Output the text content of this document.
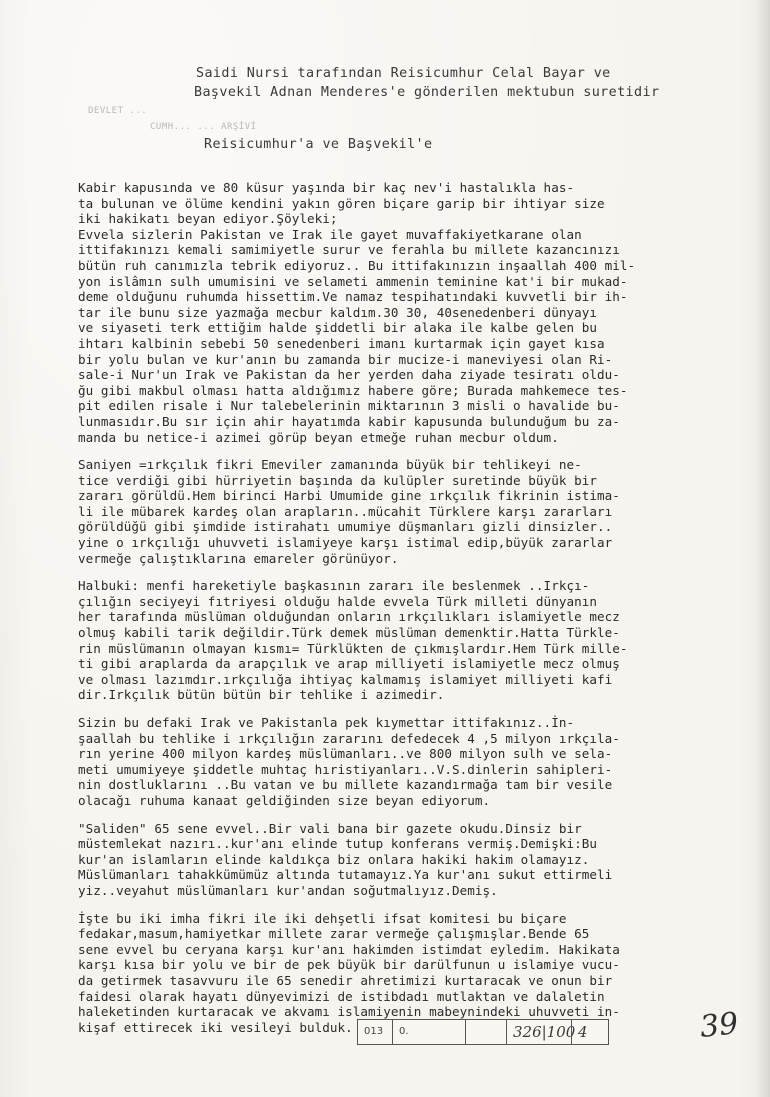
Saidi Nursi tarafından Reisicumhur Celal Bayar ve
Başvekil Adnan Menderes'e gönderilen mektubun suretidir
DEVLET ...
CUMH... ... ARŞİVİ
Reisicumhur'a ve Başvekil'e
Kabir kapusında ve 80 küsur yaşında bir kaç nev'i hastalıkla has-
ta bulunan ve ölüme kendini yakın gören biçare garip bir ihtiyar size
iki hakikatı beyan ediyor.Şöyleki;
Evvela sizlerin Pakistan ve Irak ile gayet muvaffakiyetkarane olan
ittifakınızı kemali samimiyetle surur ve ferahla bu millete kazancınızı
bütün ruh canımızla tebrik ediyoruz.. Bu ittifakınızın inşaallah 400 mil-
yon islâmın sulh umumisini ve selameti ammenin teminine kat'i bir mukad-
deme olduğunu ruhumda hissettim.Ve namaz tespihatındaki kuvvetli bir ih-
tar ile bunu size yazmağa mecbur kaldım.30 30, 40senedenberi dünyayı
ve siyaseti terk ettiğim halde şiddetli bir alaka ile kalbe gelen bu
ihtarı kalbinin sebebi 50 senedenberi imanı kurtarmak için gayet kısa
bir yolu bulan ve kur'anın bu zamanda bir mucize-i maneviyesi olan Ri-
sale-i Nur'un Irak ve Pakistan da her yerden daha ziyade tesiratı oldu-
ğu gibi makbul olması hatta aldığımız habere göre; Burada mahkemece tes-
pit edilen risale i Nur talebelerinin miktarının 3 misli o havalide bu-
lunmasıdır.Bu sır için ahir hayatımda kabir kapusunda bulunduğum bu za-
manda bu netice-i azimei görüp beyan etmeğe ruhan mecbur oldum.
Saniyen =ırkçılık fikri Emeviler zamanında büyük bir tehlikeyi ne-
tice verdiği gibi hürriyetin başında da kulüpler suretinde büyük bir
zararı görüldü.Hem birinci Harbi Umumide gine ırkçılık fikrinin istima-
li ile mübarek kardeş olan arapların..mücahit Türklere karşı zararları
görüldüğü gibi şimdide istirahatı umumiye düşmanları gizli dinsizler..
yine o ırkçılığı uhuvveti islamiyeye karşı istimal edip,büyük zararlar
vermeğe çalıştıklarına emareler görünüyor.
Halbuki: menfi hareketiyle başkasının zararı ile beslenmek ..Irkçı-
çılığın seciyeyi fıtriyesi olduğu halde evvela Türk milleti dünyanın
her tarafında müslüman olduğundan onların ırkçılıkları islamiyetle mecz
olmuş kabili tarik değildir.Türk demek müslüman demenktir.Hatta Türkle-
rin müslümanın olmayan kısmı= Türklükten de çıkmışlardır.Hem Türk mille-
ti gibi araplarda da arapçılık ve arap milliyeti islamiyetle mecz olmuş
ve olması lazımdır.ırkçılığa ihtiyaç kalmamış islamiyet milliyeti kafi
dir.Irkçılık bütün bütün bir tehlike i azimedir.
Sizin bu defaki Irak ve Pakistanla pek kıymettar ittifakınız..İn-
şaallah bu tehlike i ırkçılığın zararını defedecek 4 ,5 milyon ırkçıla-
rın yerine 400 milyon kardeş müslümanları..ve 800 milyon sulh ve sela-
meti umumiyeye şiddetle muhtaç hıristiyanları..V.S.dinlerin sahipleri-
nin dostluklarını ..Bu vatan ve bu millete kazandırmağa tam bir vesile
olacağı ruhuma kanaat geldiğinden size beyan ediyorum.
"Saliden" 65 sene evvel..Bir vali bana bir gazete okudu.Dinsiz bir
müstemlekat nazırı..kur'anı elinde tutup konferans vermiş.Demişki:Bu
kur'an islamların elinde kaldıkça biz onlara hakiki hakim olamayız.
Müslümanları tahakkümümüz altında tutamayız.Ya kur'anı sukut ettirmeli
yiz..veyahut müslümanları kur'andan soğutmalıyız.Demiş.
İşte bu iki imha fikri ile iki dehşetli ifsat komitesi bu biçare
fedakar,masum,hamiyetkar millete zarar vermeğe çalışmışlar.Bende 65
sene evvel bu ceryana karşı kur'anı hakimden istimdat eyledim. Hakikata
karşı kısa bir yolu ve bir de pek büyük bir darülfunun u islamiye vucu-
da getirmek tasavvuru ile 65 senedir ahretimizi kurtaracak ve onun bir
faidesi olarak hayatı dünyevimizi de istibdadı mutlaktan ve dalaletin
haleketinden kurtaracak ve akvamı islamiyenin mabeynindeki uhuvveti in-
kişaf ettirecek iki vesileyi bulduk.	013	0.	326|100 4	39
